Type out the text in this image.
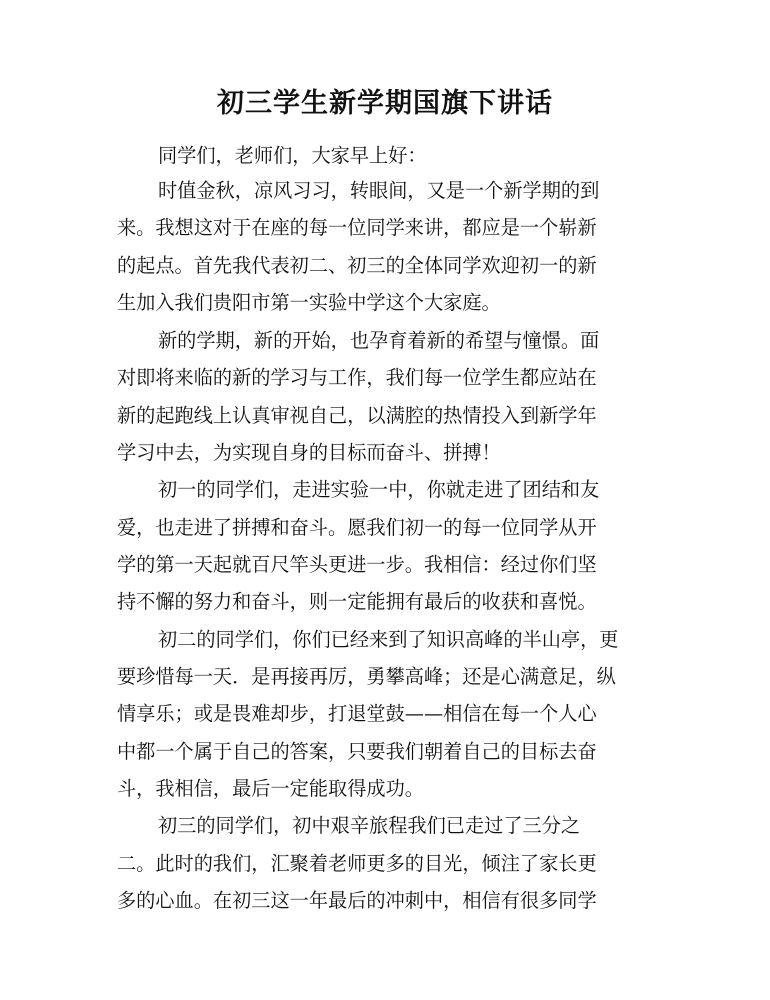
初三学生新学期国旗下讲话

同学们，老师们，大家早上好：

时值金秋，凉风习习，转眼间，又是一个新学期的到

来。我想这对于在座的每一位同学来讲，都应是一个崭新

的起点。首先我代表初二、初三的全体同学欢迎初一的新

生加入我们贵阳市第一实验中学这个大家庭。

新的学期，新的开始，也孕育着新的希望与憧憬。面

对即将来临的新的学习与工作，我们每一位学生都应站在

新的起跑线上认真审视自己，以满腔的热情投入到新学年

学习中去，为实现自身的目标而奋斗、拼搏！

初一的同学们，走进实验一中，你就走进了团结和友

爱，也走进了拼搏和奋斗。愿我们初一的每一位同学从开

学的第一天起就百尺竿头更进一步。我相信：经过你们坚

持不懈的努力和奋斗，则一定能拥有最后的收获和喜悦。

初二的同学们，你们已经来到了知识高峰的半山亭，更

要珍惜每一天．是再接再厉，勇攀高峰；还是心满意足，纵

情享乐；或是畏难却步，打退堂鼓——相信在每一个人心

中都一个属于自己的答案，只要我们朝着自己的目标去奋

斗，我相信，最后一定能取得成功。

初三的同学们，初中艰辛旅程我们已走过了三分之

二。此时的我们，汇聚着老师更多的目光，倾注了家长更

多的心血。在初三这一年最后的冲刺中，相信有很多同学
